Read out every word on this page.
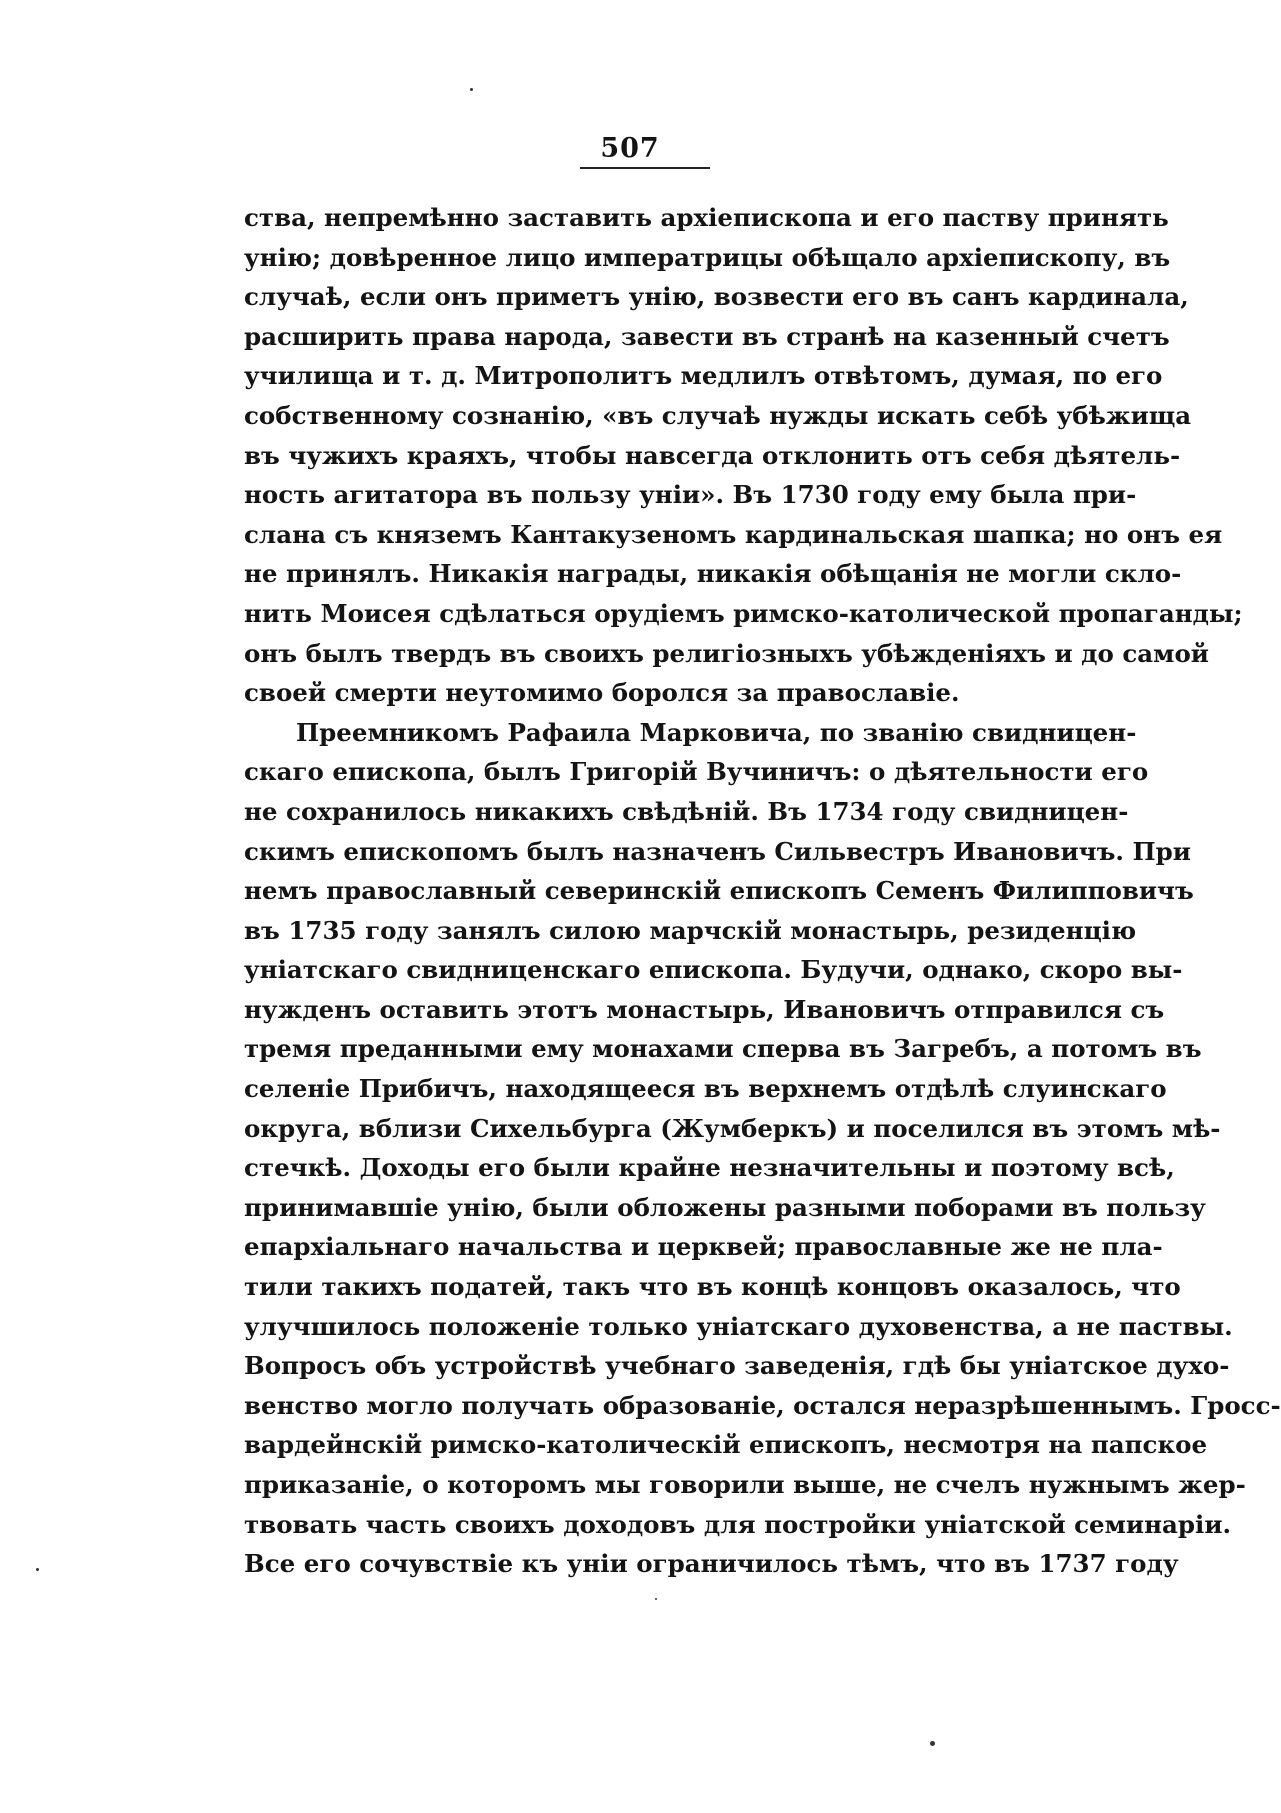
507
ства, непремѣнно заставить архіепископа и его паству принять
унію; довѣренное лицо императрицы обѣщало архіепископу, въ
случаѣ, если онъ приметъ унію, возвести его въ санъ кардинала,
расширить права народа, завести въ странѣ на казенный счетъ
училища и т. д. Митрополитъ медлилъ отвѣтомъ, думая, по его
собственному сознанію, «въ случаѣ нужды искать себѣ убѣжища
въ чужихъ краяхъ, чтобы навсегда отклонить отъ себя дѣятель-
ность агитатора въ пользу уніи». Въ 1730 году ему была при-
слана съ княземъ Кантакузеномъ кардинальская шапка; но онъ ея
не принялъ. Никакія награды, никакія обѣщанія не могли скло-
нить Моисея сдѣлаться орудіемъ римско-католической пропаганды;
онъ былъ твердъ въ своихъ религіозныхъ убѣжденіяхъ и до самой
своей смерти неутомимо боролся за православіе.
Преемникомъ Рафаила Марковича, по званію свидницен-
скаго епископа, былъ Григорій Вучиничъ: о дѣятельности его
не сохранилось никакихъ свѣдѣній. Въ 1734 году свидницен-
скимъ епископомъ былъ назначенъ Сильвестръ Ивановичъ. При
немъ православный северинскій епископъ Семенъ Филипповичъ
въ 1735 году занялъ силою марчскій монастырь, резиденцію
уніатскаго свидниценскаго епископа. Будучи, однако, скоро вы-
нужденъ оставить этотъ монастырь, Ивановичъ отправился съ
тремя преданными ему монахами сперва въ Загребъ, а потомъ въ
селеніе Прибичъ, находящееся въ верхнемъ отдѣлѣ слуинскаго
округа, вблизи Сихельбурга (Жумберкъ) и поселился въ этомъ мѣ-
стечкѣ. Доходы его были крайне незначительны и поэтому всѣ,
принимавшіе унію, были обложены разными поборами въ пользу
епархіальнаго начальства и церквей; православные же не пла-
тили такихъ податей, такъ что въ концѣ концовъ оказалось, что
улучшилось положеніе только уніатскаго духовенства, а не паствы.
Вопросъ объ устройствѣ учебнаго заведенія, гдѣ бы уніатское духо-
венство могло получать образованіе, остался неразрѣшеннымъ. Гросс-
вардейнскій римско-католическій епископъ, несмотря на папское
приказаніе, о которомъ мы говорили выше, не счелъ нужнымъ жер-
твовать часть своихъ доходовъ для постройки уніатской семинаріи.
Все его сочувствіе къ уніи ограничилось тѣмъ, что въ 1737 году
